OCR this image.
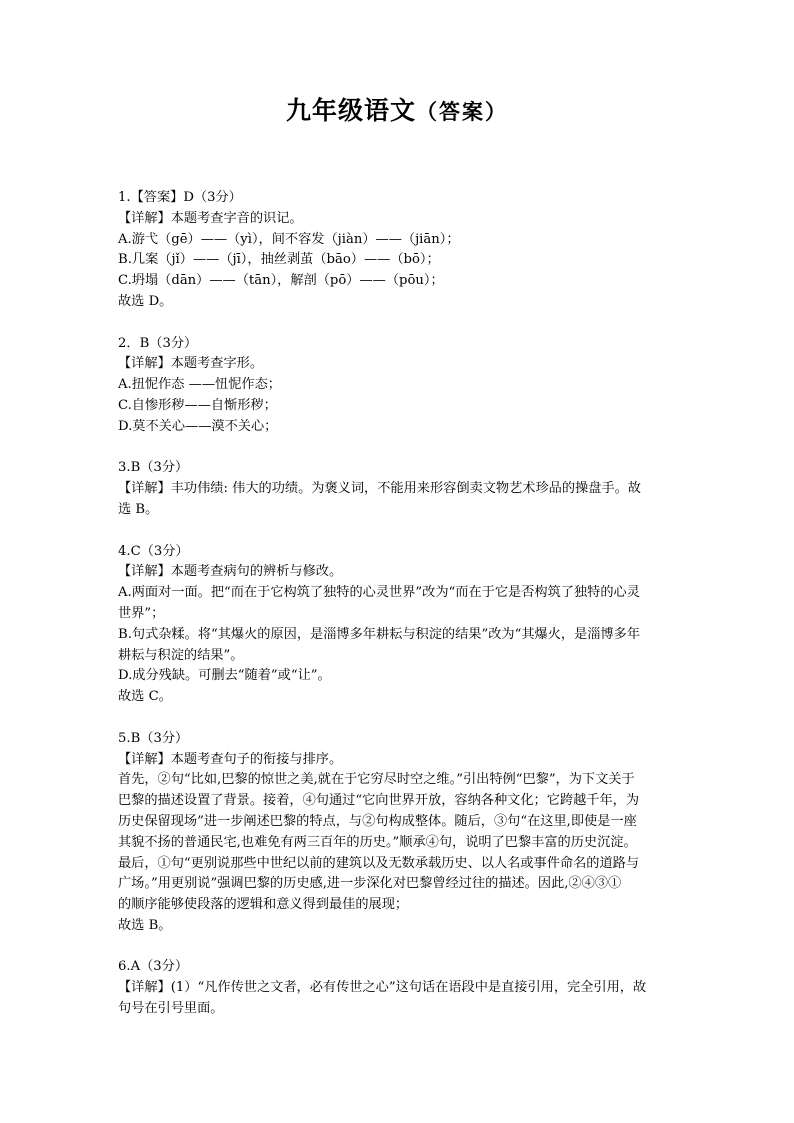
九年级语文（答案）
1.【答案】D（3分）
【详解】本题考查字音的识记。
A.游弋（gē）——（yì），间不容发（jiàn）——（jiān）；
B.几案（jǐ）——（jī），抽丝剥茧（bāo）——（bō）；
C.坍塌（dān）——（tān），解剖（pō）——（pōu）；
故选 D。
2．B（3分）
【详解】本题考查字形。
A.扭怩作态 ——忸怩作态；
C.自惨形秽——自惭形秽；
D.莫不关心——漠不关心；
3.B（3分）
【详解】丰功伟绩: 伟大的功绩。为褒义词，不能用来形容倒卖文物艺术珍品的操盘手。故
选 B。
4.C（3分）
【详解】本题考查病句的辨析与修改。
A.两面对一面。把“而在于它构筑了独特的心灵世界”改为“而在于它是否构筑了独特的心灵
世界”；
B.句式杂糅。将“其爆火的原因，是淄博多年耕耘与积淀的结果”改为“其爆火，是淄博多年
耕耘与积淀的结果”。
D.成分残缺。可删去“随着”或“让”。
故选 C。
5.B（3分）
【详解】本题考查句子的衔接与排序。
首先，②句“比如,巴黎的惊世之美,就在于它穷尽时空之维。”引出特例“巴黎”，为下文关于
巴黎的描述设置了背景。接着，④句通过“它向世界开放，容纳各种文化；它跨越千年，为
历史保留现场”进一步阐述巴黎的特点，与②句构成整体。随后，③句“在这里,即使是一座
其貌不扬的普通民宅,也难免有两三百年的历史。”顺承④句，说明了巴黎丰富的历史沉淀。
最后，①句“更别说那些中世纪以前的建筑以及无数承载历史、以人名或事件命名的道路与
广场。”用更别说”强调巴黎的历史感,进一步深化对巴黎曾经过往的描述。因此,②④③①
的顺序能够使段落的逻辑和意义得到最佳的展现；
故选 B。
6.A（3分）
【详解】(1）“凡作传世之文者，必有传世之心”这句话在语段中是直接引用，完全引用，故
句号在引号里面。
